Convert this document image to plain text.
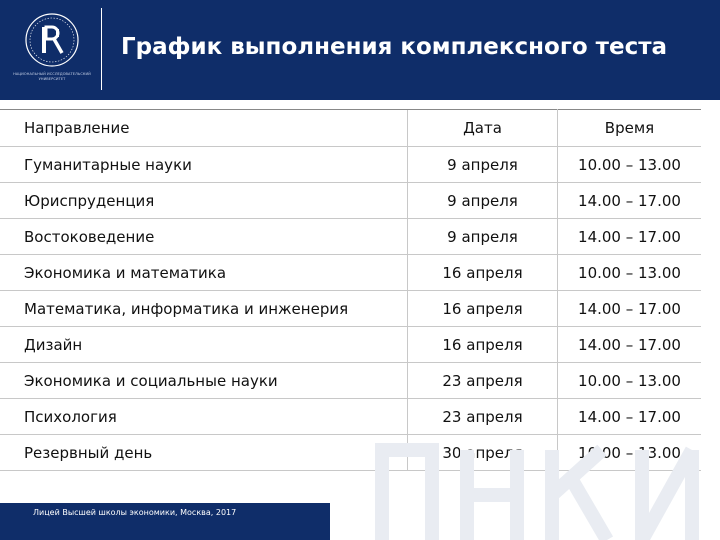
НАЦИОНАЛЬНЫЙ ИССЛЕДОВАТЕЛЬСКИЙ УНИВЕРСИТЕТ
График выполнения комплексного теста
Направление	Дата	Время
Гуманитарные науки	9 апреля	10.00 – 13.00
Юриспруденция	9 апреля	14.00 – 17.00
Востоковедение	9 апреля	14.00 – 17.00
Экономика и математика	16 апреля	10.00 – 13.00
Математика, информатика и инженерия	16 апреля	14.00 – 17.00
Дизайн	16 апреля	14.00 – 17.00
Экономика и социальные науки	23 апреля	10.00 – 13.00
Психология	23 апреля	14.00 – 17.00
Резервный день	30 апреля	10.00 – 13.00
Лицей Высшей школы экономики, Москва, 2017
